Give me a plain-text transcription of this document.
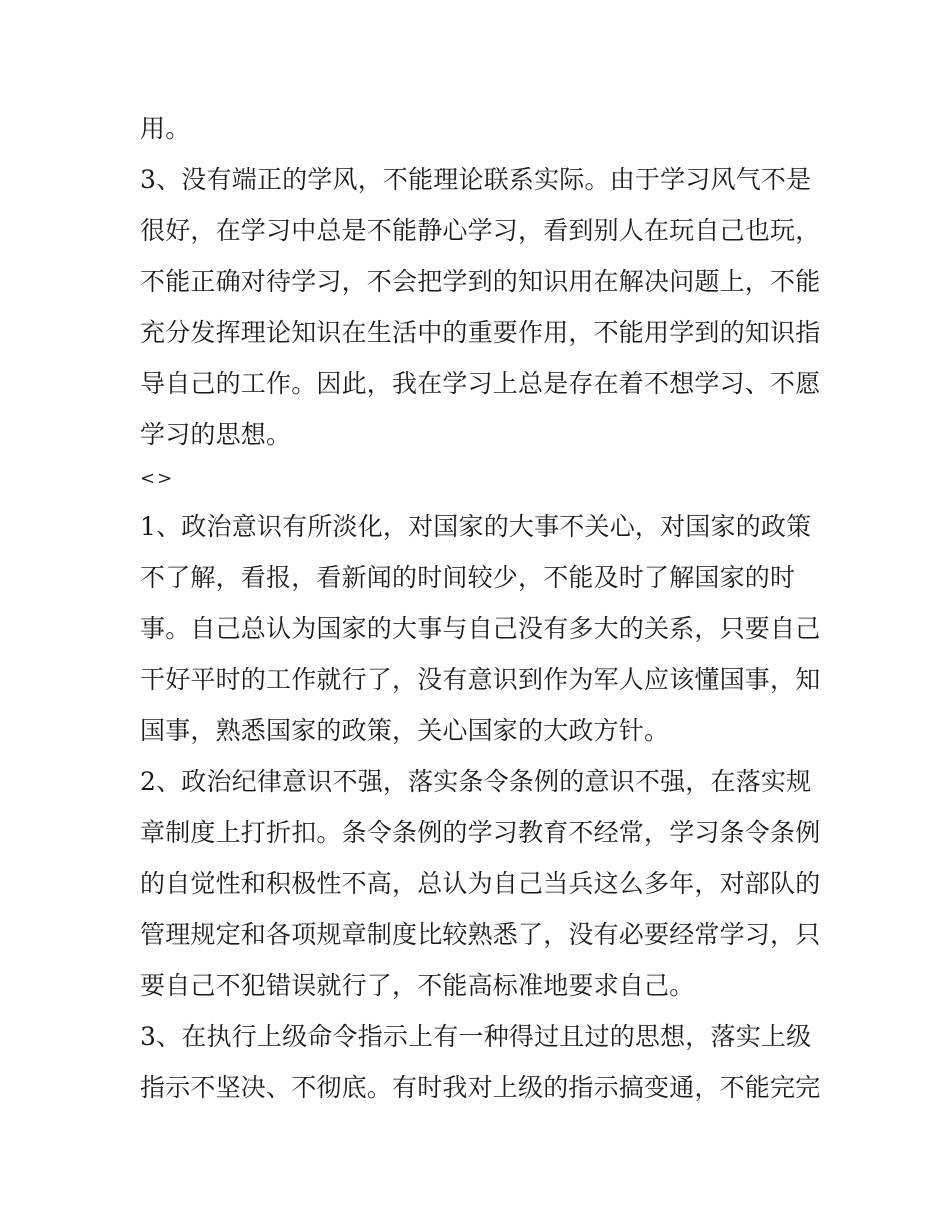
用。

3、没有端正的学风，不能理论联系实际。由于学习风气不是

很好，在学习中总是不能静心学习，看到别人在玩自己也玩，

不能正确对待学习，不会把学到的知识用在解决问题上，不能

充分发挥理论知识在生活中的重要作用，不能用学到的知识指

导自己的工作。因此，我在学习上总是存在着不想学习、不愿

学习的思想。

<>

1、政治意识有所淡化，对国家的大事不关心，对国家的政策

不了解，看报，看新闻的时间较少，不能及时了解国家的时

事。自己总认为国家的大事与自己没有多大的关系，只要自己

干好平时的工作就行了，没有意识到作为军人应该懂国事，知

国事，熟悉国家的政策，关心国家的大政方针。

2、政治纪律意识不强，落实条令条例的意识不强，在落实规

章制度上打折扣。条令条例的学习教育不经常，学习条令条例

的自觉性和积极性不高，总认为自己当兵这么多年，对部队的

管理规定和各项规章制度比较熟悉了，没有必要经常学习，只

要自己不犯错误就行了，不能高标准地要求自己。

3、在执行上级命令指示上有一种得过且过的思想，落实上级

指示不坚决、不彻底。有时我对上级的指示搞变通，不能完完
